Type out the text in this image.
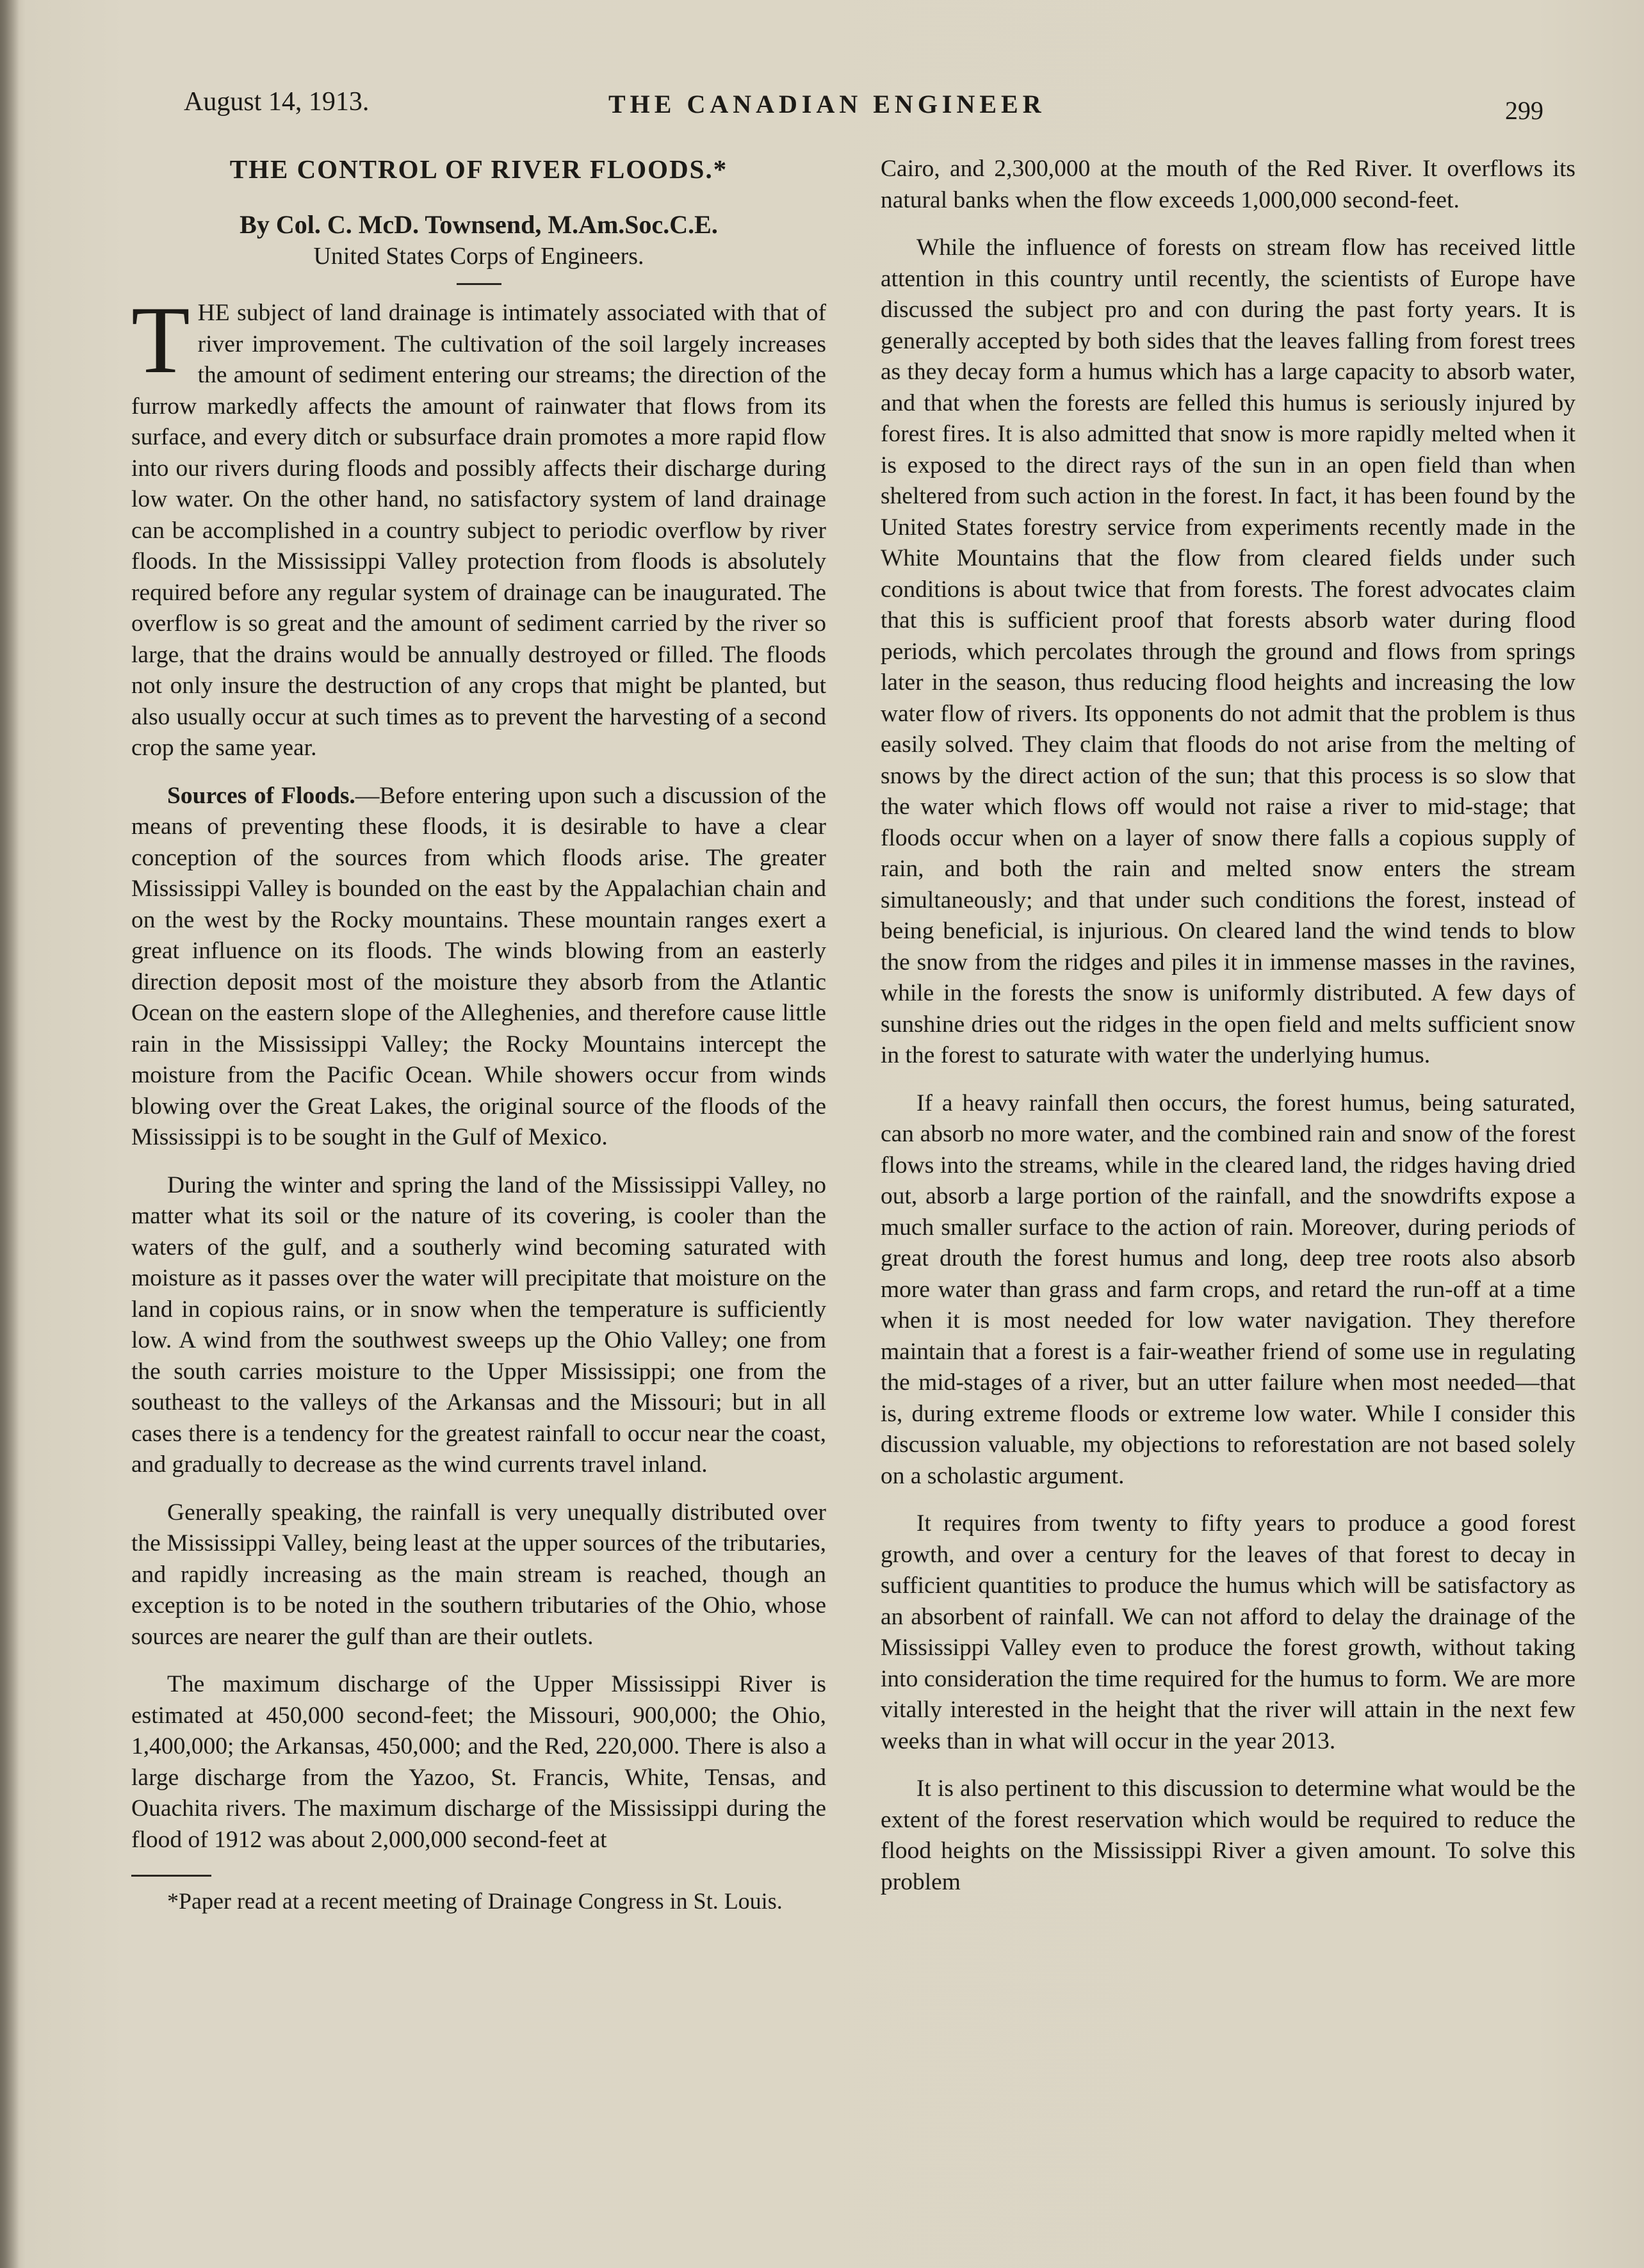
August 14, 1913.	THE CANADIAN ENGINEER	299
THE CONTROL OF RIVER FLOODS.*

By Col. C. McD. Townsend, M.Am.Soc.C.E.

United States Corps of Engineers.

THE subject of land drainage is intimately associated with that of river improvement. The cultivation of the soil largely increases the amount of sediment entering our streams; the direction of the furrow markedly affects the amount of rainwater that flows from its surface, and every ditch or subsurface drain promotes a more rapid flow into our rivers during floods and possibly affects their discharge during low water. On the other hand, no satisfactory system of land drainage can be accomplished in a country subject to periodic overflow by river floods. In the Mississippi Valley protection from floods is absolutely required before any regular system of drainage can be inaugurated. The overflow is so great and the amount of sediment carried by the river so large, that the drains would be annually destroyed or filled. The floods not only insure the destruction of any crops that might be planted, but also usually occur at such times as to prevent the harvesting of a second crop the same year.

Sources of Floods.—Before entering upon such a discussion of the means of preventing these floods, it is desirable to have a clear conception of the sources from which floods arise. The greater Mississippi Valley is bounded on the east by the Appalachian chain and on the west by the Rocky mountains. These mountain ranges exert a great influence on its floods. The winds blowing from an easterly direction deposit most of the moisture they absorb from the Atlantic Ocean on the eastern slope of the Allegheniеs, and therefore cause little rain in the Mississippi Valley; the Rocky Mountains intercept the moisture from the Pacific Ocean. While showers occur from winds blowing over the Great Lakes, the original source of the floods of the Mississippi is to be sought in the Gulf of Mexico.

During the winter and spring the land of the Mississippi Valley, no matter what its soil or the nature of its covering, is cooler than the waters of the gulf, and a southerly wind becoming saturated with moisture as it passes over the water will precipitate that moisture on the land in copious rains, or in snow when the temperature is sufficiently low. A wind from the southwest sweeps up the Ohio Valley; one from the south carries moisture to the Upper Mississippi; one from the southeast to the valleys of the Arkansas and the Missouri; but in all cases there is a tendency for the greatest rainfall to occur near the coast, and gradually to decrease as the wind currents travel inland.

Generally speaking, the rainfall is very unequally distributed over the Mississippi Valley, being least at the upper sources of the tributaries, and rapidly increasing as the main stream is reached, though an exception is to be noted in the southern tributaries of the Ohio, whose sources are nearer the gulf than are their outlets.

The maximum discharge of the Upper Mississippi River is estimated at 450,000 second-feet; the Missouri, 900,000; the Ohio, 1,400,000; the Arkansas, 450,000; and the Red, 220,000. There is also a large discharge from the Yazoo, St. Francis, White, Tensas, and Ouachita rivers. The maximum discharge of the Mississippi during the flood of 1912 was about 2,000,000 second-feet at

*Paper read at a recent meeting of Drainage Congress in St. Louis.

Cairo, and 2,300,000 at the mouth of the Red River. It overflows its natural banks when the flow exceeds 1,000,000 second-feet.

While the influence of forests on stream flow has received little attention in this country until recently, the scientists of Europe have discussed the subject pro and con during the past forty years. It is generally accepted by both sides that the leaves falling from forest trees as they decay form a humus which has a large capacity to absorb water, and that when the forests are felled this humus is seriously injured by forest fires. It is also admitted that snow is more rapidly melted when it is exposed to the direct rays of the sun in an open field than when sheltered from such action in the forest. In fact, it has been found by the United States forestry service from experiments recently made in the White Mountains that the flow from cleared fields under such conditions is about twice that from forests. The forest advocates claim that this is sufficient proof that forests absorb water during flood periods, which percolates through the ground and flows from springs later in the season, thus reducing flood heights and increasing the low water flow of rivers. Its opponents do not admit that the problem is thus easily solved. They claim that floods do not arise from the melting of snows by the direct action of the sun; that this process is so slow that the water which flows off would not raise a river to mid-stage; that floods occur when on a layer of snow there falls a copious supply of rain, and both the rain and melted snow enters the stream simultaneously; and that under such conditions the forest, instead of being beneficial, is injurious. On cleared land the wind tends to blow the snow from the ridges and piles it in immense masses in the ravines, while in the forests the snow is uniformly distributed. A few days of sunshine dries out the ridges in the open field and melts sufficient snow in the forest to saturate with water the underlying humus.

If a heavy rainfall then occurs, the forest humus, being saturated, can absorb no more water, and the combined rain and snow of the forest flows into the streams, while in the cleared land, the ridges having dried out, absorb a large portion of the rainfall, and the snowdrifts expose a much smaller surface to the action of rain. Moreover, during periods of great drouth the forest humus and long, deep tree roots also absorb more water than grass and farm crops, and retard the run-off at a time when it is most needed for low water navigation. They therefore maintain that a forest is a fair-weather friend of some use in regulating the mid-stages of a river, but an utter failure when most needed—that is, during extreme floods or extreme low water. While I consider this discussion valuable, my objections to reforestation are not based solely on a scholastic argument.

It requires from twenty to fifty years to produce a good forest growth, and over a century for the leaves of that forest to decay in sufficient quantities to produce the humus which will be satisfactory as an absorbent of rainfall. We can not afford to delay the drainage of the Mississippi Valley even to produce the forest growth, without taking into consideration the time required for the humus to form. We are more vitally interested in the height that the river will attain in the next few weeks than in what will occur in the year 2013.

It is also pertinent to this discussion to determine what would be the extent of the forest reservation which would be required to reduce the flood heights on the Mississippi River a given amount. To solve this problem
